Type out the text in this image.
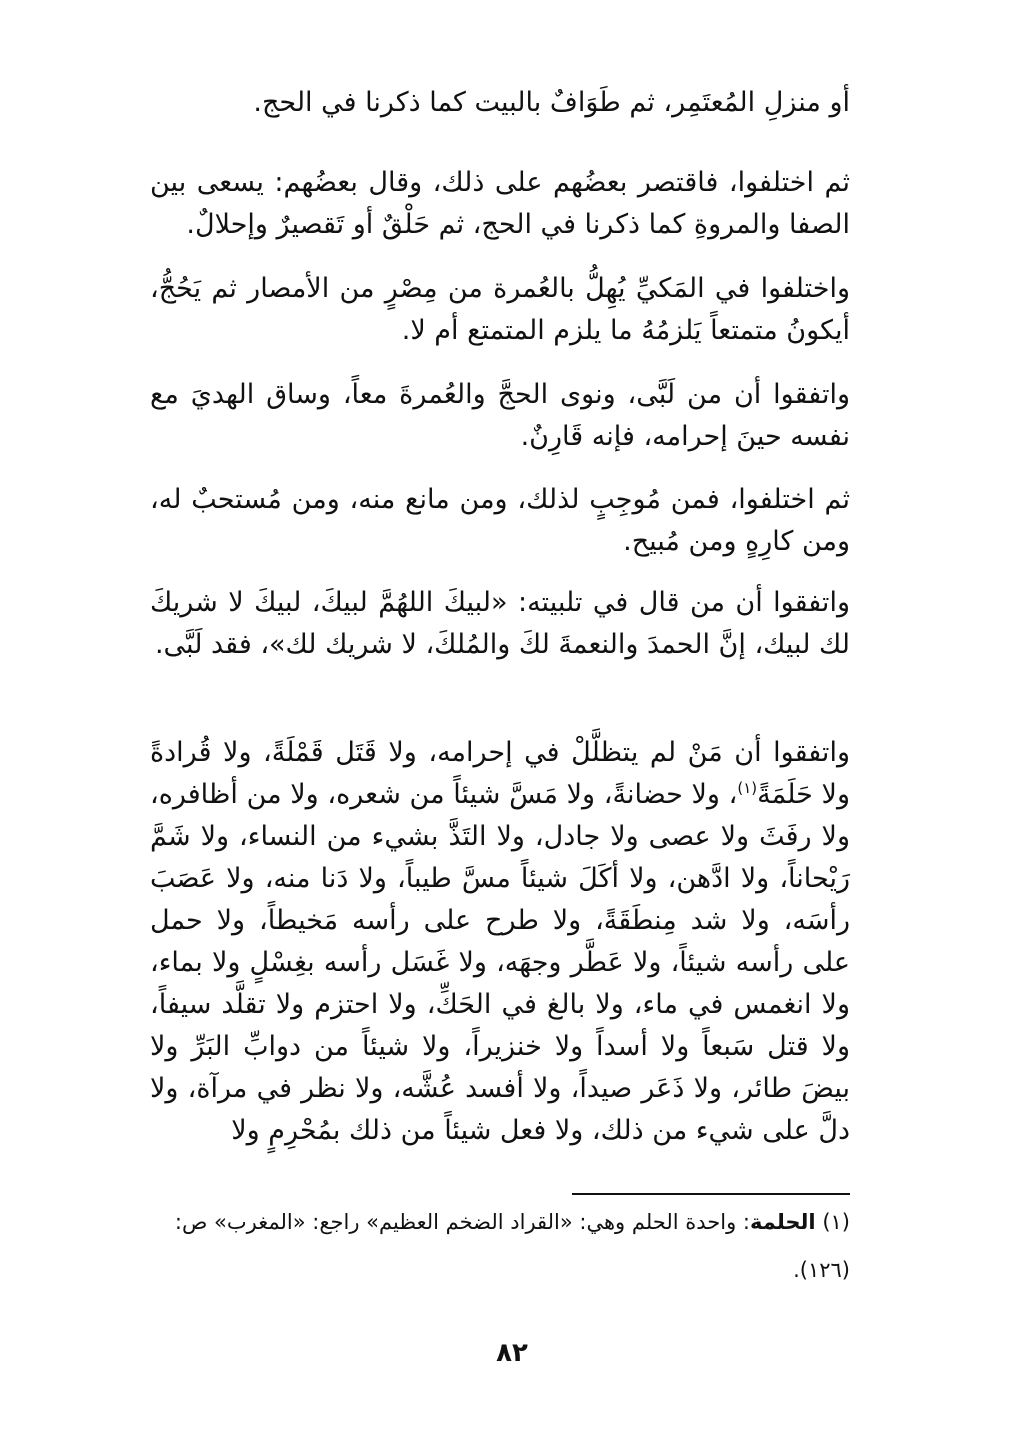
أو منزلِ المُعتَمِر، ثم طَوَافٌ بالبيت كما ذكرنا في الحج.

ثم اختلفوا، فاقتصر بعضُهم على ذلك، وقال بعضُهم: يسعى بين الصفا والمروةِ كما ذكرنا في الحج، ثم حَلْقٌ أو تَقصيرٌ وإحلالٌ.

واختلفوا في المَكيِّ يُهِلُّ بالعُمرة من مِصْرٍ من الأمصار ثم يَحُجُّ، أيكونُ متمتعاً يَلزمُهُ ما يلزم المتمتع أم لا.

واتفقوا أن من لَبَّى، ونوى الحجَّ والعُمرةَ معاً، وساق الهديَ مع نفسه حينَ إحرامه، فإنه قَارِنٌ.

ثم اختلفوا، فمن مُوجِبٍ لذلك، ومن مانع منه، ومن مُستحبٌ له، ومن كارِهٍ ومن مُبيح.

واتفقوا أن من قال في تلبيته: «لبيكَ اللهُمَّ لبيكَ، لبيكَ لا شريكَ لك لبيك، إنَّ الحمدَ والنعمةَ لكَ والمُلكَ، لا شريك لك»، فقد لَبَّى.

واتفقوا أن مَنْ لم يتظلَّلْ في إحرامه، ولا قَتَل قَمْلَةً، ولا قُرادةً ولا حَلَمَةً$^{(١)}$، ولا حضانةً، ولا مَسَّ شيئاً من شعره، ولا من أظافره، ولا رفَثَ ولا عصى ولا جادل، ولا التَذَّ بشيء من النساء، ولا شَمَّ رَيْحاناً، ولا ادَّهن، ولا أكَلَ شيئاً مسَّ طيباً، ولا دَنا منه، ولا عَصَبَ رأسَه، ولا شد مِنطَقَةً، ولا طرح على رأسه مَخيطاً، ولا حمل على رأسه شيئاً، ولا عَطَّر وجهَه، ولا غَسَل رأسه بغِسْلٍ ولا بماء، ولا انغمس في ماء، ولا بالغ في الحَكِّ، ولا احتزم ولا تقلَّد سيفاً، ولا قتل سَبعاً ولا أسداً ولا خنزيراً، ولا شيئاً من دوابِّ البَرِّ ولا بيضَ طائر، ولا ذَعَر صيداً، ولا أفسد عُشَّه، ولا نظر في مرآة، ولا دلَّ على شيء من ذلك، ولا فعل شيئاً من ذلك بمُحْرِمٍ ولا

(١) الحلمة: واحدة الحلم وهي: «القراد الضخم العظيم» راجع: «المغرب» ص:
(١٢٦).
٨٢
